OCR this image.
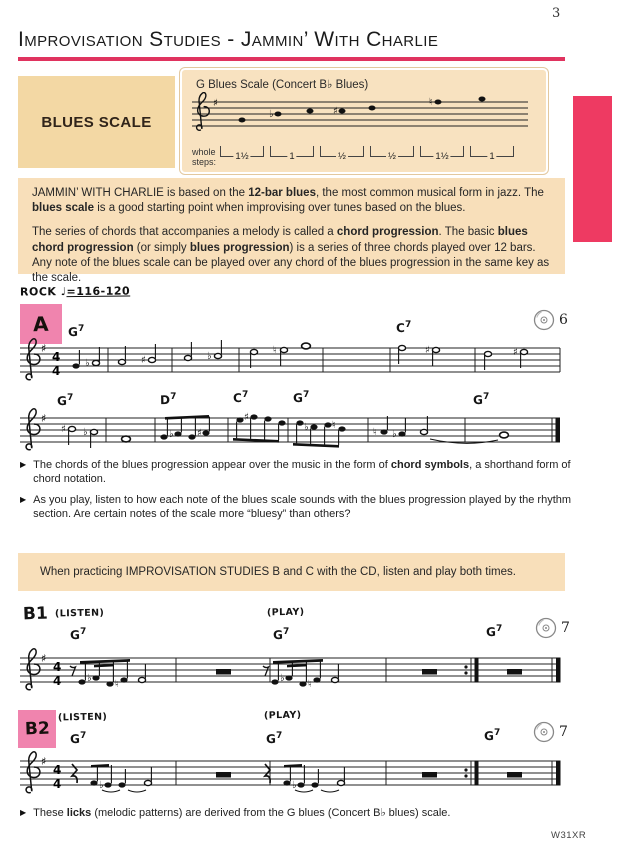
3
Improvisation Studies - Jammin’ With Charlie
BLUES SCALE
G Blues Scale (Concert B♭ Blues)
♯
♭	♯
♮
whole
steps: 1½	1	½	½	1½	1

JAMMIN’ WITH CHARLIE is based on the 12-bar blues, the most common musical form in jazz. The blues scale is a good starting point when improvising over tunes based on the blues.

The series of chords that accompanies a melody is called a chord progression. The basic blues chord progression (or simply blues progression) is a series of three chords played over 12 bars. Any note of the blues scale can be played over any chord of the blues progression in the same key as the scale.

ROCK ♩=116-120
A	6
$G^7$	$C^7$
♯
4
4
♭	♯	♭
♮	♯	♯
$G^7$	$D^7$	$C^7$	$G^7$	$G^7$
♯
♯ ♭	♭ ♯
♯
♭ ♮
♮ ♭
▶ The chords of the blues progression appear over the music in the form of chord symbols, a shorthand form of chord notation.
▶ As you play, listen to how each note of the blues scale sounds with the blues progression played by the rhythm section. Are certain notes of the scale more “bluesy” than others?
When practicing IMPROVISATION STUDIES B and C with the CD, listen and play both times.
B1 (LISTEN)	(PLAY)
$G^7$	$G^7$	$G^7$	7
♯
4
4	♭
♮
♭
♮
B2
(LISTEN)	(PLAY)
$G^7$	$G^7$	$G^7$	7
♯
4
4	♭	♭
▶ These licks (melodic patterns) are derived from the G blues (Concert B♭ blues) scale.
W31XR
